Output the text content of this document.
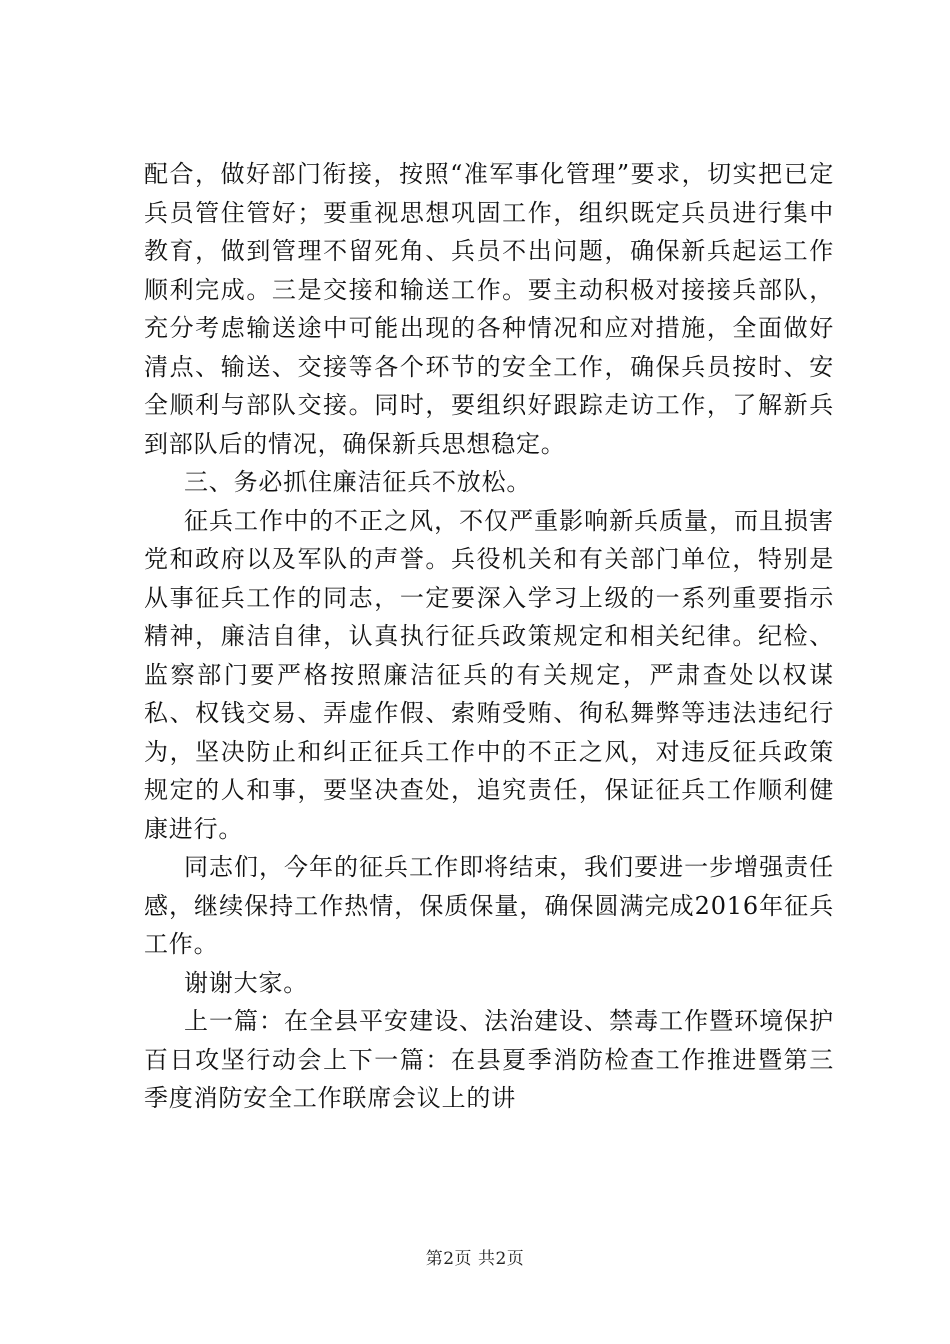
配合，做好部门衔接，按照“准军事化管理”要求，切实把已定兵员管住管好；要重视思想巩固工作，组织既定兵员进行集中教育，做到管理不留死角、兵员不出问题，确保新兵起运工作顺利完成。三是交接和输送工作。要主动积极对接接兵部队，充分考虑输送途中可能出现的各种情况和应对措施，全面做好清点、输送、交接等各个环节的安全工作，确保兵员按时、安全顺利与部队交接。同时，要组织好跟踪走访工作，了解新兵到部队后的情况，确保新兵思想稳定。

三、务必抓住廉洁征兵不放松。

征兵工作中的不正之风，不仅严重影响新兵质量，而且损害党和政府以及军队的声誉。兵役机关和有关部门单位，特别是从事征兵工作的同志，一定要深入学习上级的一系列重要指示精神，廉洁自律，认真执行征兵政策规定和相关纪律。纪检、监察部门要严格按照廉洁征兵的有关规定，严肃查处以权谋私、权钱交易、弄虚作假、索贿受贿、徇私舞弊等违法违纪行为，坚决防止和纠正征兵工作中的不正之风，对违反征兵政策规定的人和事，要坚决查处，追究责任，保证征兵工作顺利健康进行。

同志们，今年的征兵工作即将结束，我们要进一步增强责任感，继续保持工作热情，保质保量，确保圆满完成2016年征兵工作。

谢谢大家。

上一篇：在全县平安建设、法治建设、禁毒工作暨环境保护百日攻坚行动会上下一篇：在县夏季消防检查工作推进暨第三季度消防安全工作联席会议上的讲

第2页 共2页
